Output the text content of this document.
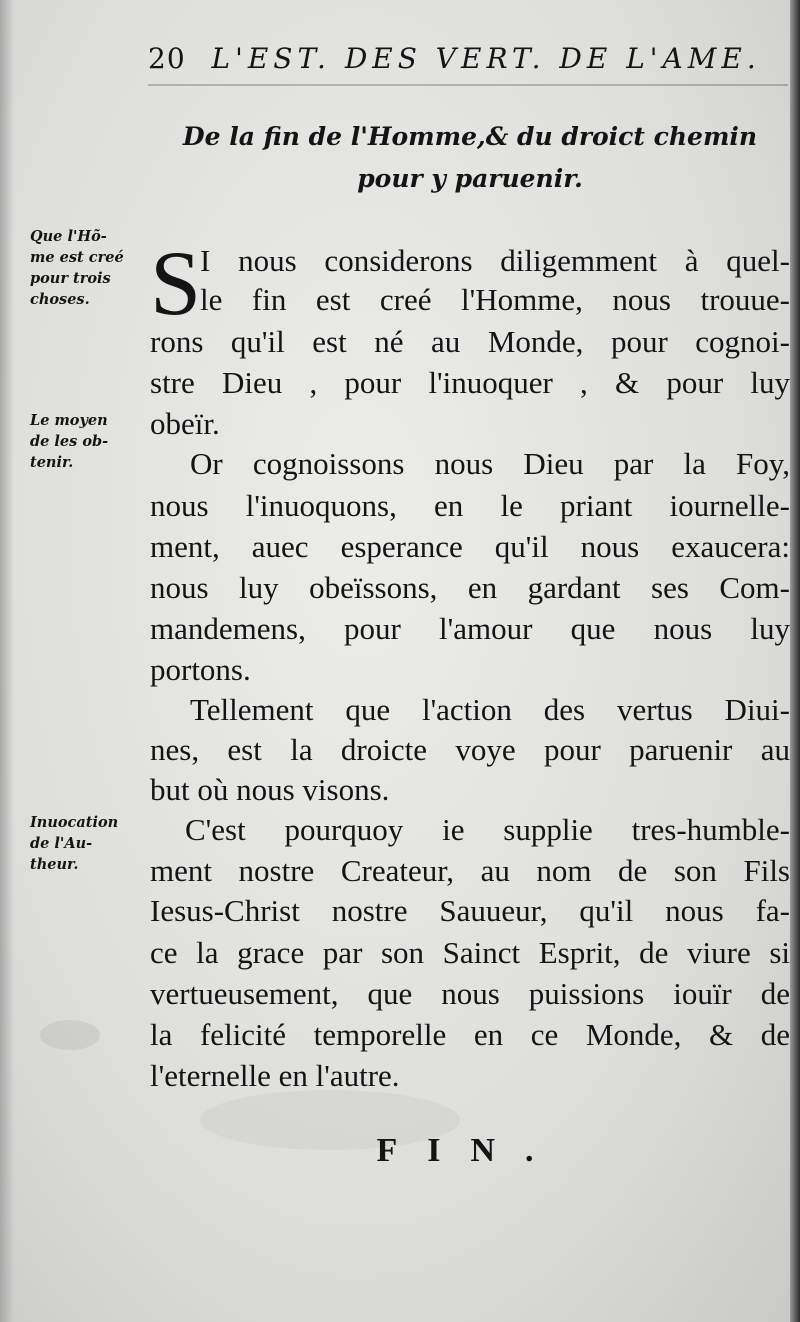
20 L'EST. DES VERT. DE L'AME.
De la fin de l'Homme,& du droict chemin
pour y paruenir.
Que l'Hõ-
me est creé
pour trois
choses.
Le moyen
de les ob-
tenir.
Inuocation
de l'Au-
theur.
S
I nous considerons diligemment à quel-
le fin est creé l'Homme, nous trouue-
rons qu'il est né au Monde, pour cognoi-
stre Dieu , pour l'inuoquer , & pour luy
obeïr.
Or cognoissons nous Dieu par la Foy,
nous l'inuoquons, en le priant iournelle-
ment, auec esperance qu'il nous exaucera:
nous luy obeïssons, en gardant ses Com-
mandemens, pour l'amour que nous luy
portons.
Tellement que l'action des vertus Diui-
nes, est la droicte voye pour paruenir au
but où nous visons.
C'est pourquoy ie supplie tres-humble-
ment nostre Createur, au nom de son Fils
Iesus-Christ nostre Sauueur, qu'il nous fa-
ce la grace par son Sainct Esprit, de viure si
vertueusement, que nous puissions iouïr de
la felicité temporelle en ce Monde, & de
l'eternelle en l'autre.
FIN.
